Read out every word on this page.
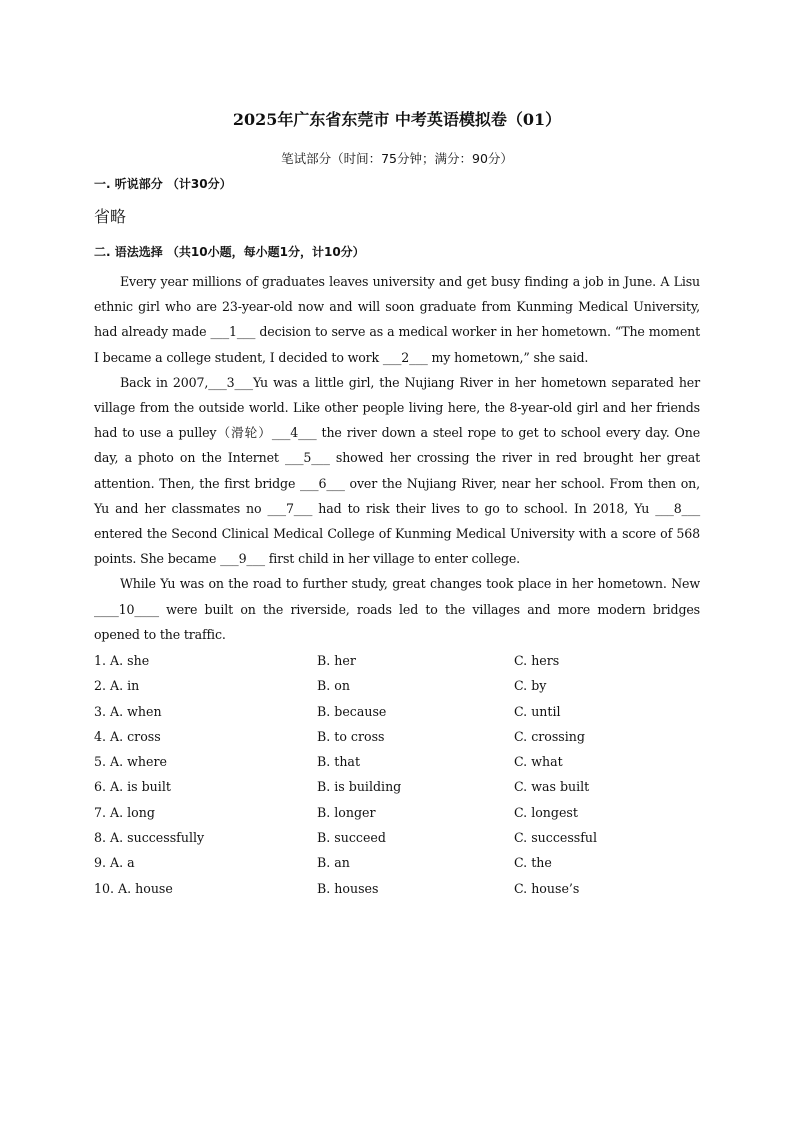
2025年广东省东莞市 中考英语模拟卷（01）
笔试部分（时间：75分钟；满分：90分）
一. 听说部分 （计30分）
省略
二. 语法选择 （共10小题，每小题1分，计10分）

Every year millions of graduates leaves university and get busy finding a job in June. A Lisu ethnic girl who are 23-year-old now and will soon graduate from Kunming Medical University, had already made ___1___ decision to serve as a medical worker in her hometown. “The moment I became a college student, I decided to work ___2___ my hometown,” she said.

Back in 2007,___3___Yu was a little girl, the Nujiang River in her hometown separated her village from the outside world. Like other people living here, the 8-year-old girl and her friends had to use a pulley（滑轮）___4___ the river down a steel rope to get to school every day. One day, a photo on the Internet ___5___ showed her crossing the river in red brought her great attention. Then, the first bridge ___6___ over the Nujiang River, near her school. From then on, Yu and her classmates no ___7___ had to risk their lives to go to school. In 2018, Yu ___8___ entered the Second Clinical Medical College of Kunming Medical University with a score of 568 points. She became ___9___ first child in her village to enter college.

While Yu was on the road to further study, great changes took place in her hometown. New ____10____ were built on the riverside, roads led to the villages and more modern bridges opened to the traffic.

1. A. she	B. her	C. hers
2. A. in	B. on	C. by
3. A. when	B. because	C. until
4. A. cross	B. to cross	C. crossing
5. A. where	B. that	C. what
6. A. is built	B. is building	C. was built
7. A. long	B. longer	C. longest
8. A. successfully	B. succeed	C. successful
9. A. a	B. an	C. the
10. A. house	B. houses	C. house’s
